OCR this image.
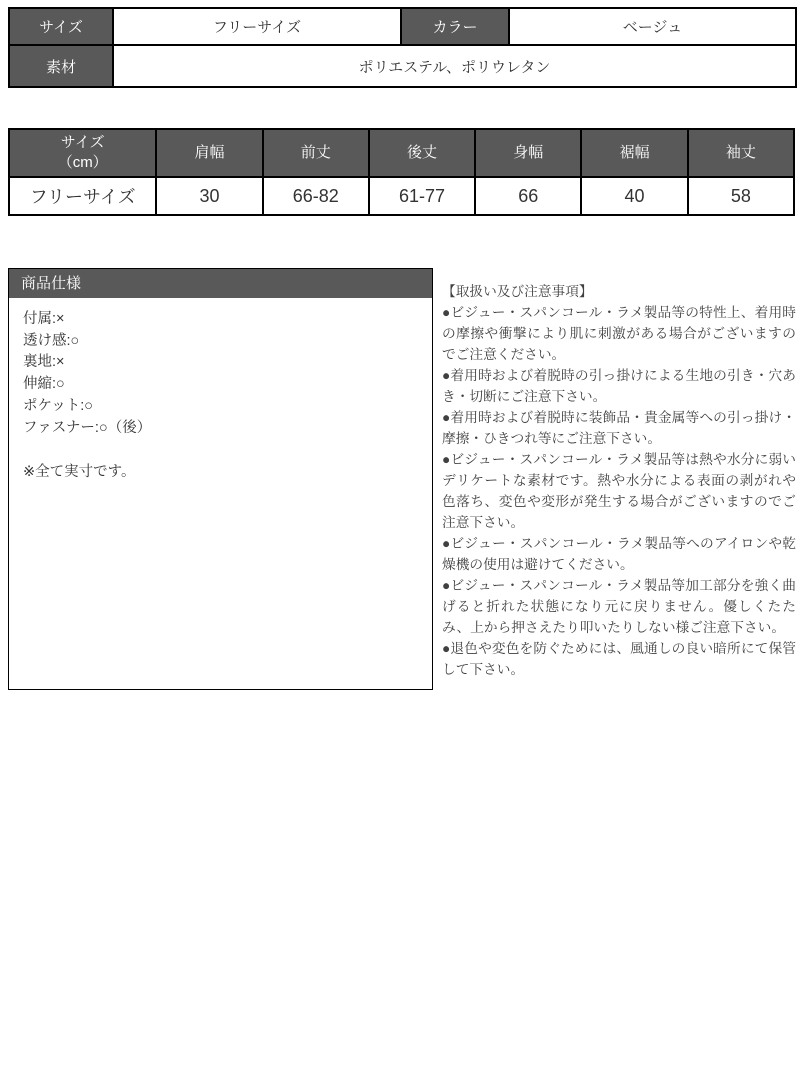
サイズ	フリーサイズ	カラー	ベージュ
素材	ポリエステル、ポリウレタン		
サイズ
（cm）	肩幅	前丈	後丈	身幅	裾幅	袖丈
フリーサイズ	30	66-82	61-77	66	40	58
商品仕様
付属:×
透け感:○
裏地:×
伸縮:○
ポケット:○
ファスナー:○（後）
※全て実寸です。
【取扱い及び注意事項】

●ビジュー・スパンコール・ラメ製品等の特性上、着用時の摩擦や衝撃により肌に刺激がある場合がございますのでご注意ください。

●着用時および着脱時の引っ掛けによる生地の引き・穴あき・切断にご注意下さい。

●着用時および着脱時に装飾品・貴金属等への引っ掛け・摩擦・ひきつれ等にご注意下さい。

●ビジュー・スパンコール・ラメ製品等は熱や水分に弱いデリケートな素材です。熱や水分による表面の剥がれや色落ち、変色や変形が発生する場合がございますのでご注意下さい。

●ビジュー・スパンコール・ラメ製品等へのアイロンや乾燥機の使用は避けてください。

●ビジュー・スパンコール・ラメ製品等加工部分を強く曲げると折れた状態になり元に戻りません。優しくたたみ、上から押さえたり叩いたりしない様ご注意下さい。

●退色や変色を防ぐためには、風通しの良い暗所にて保管して下さい。
